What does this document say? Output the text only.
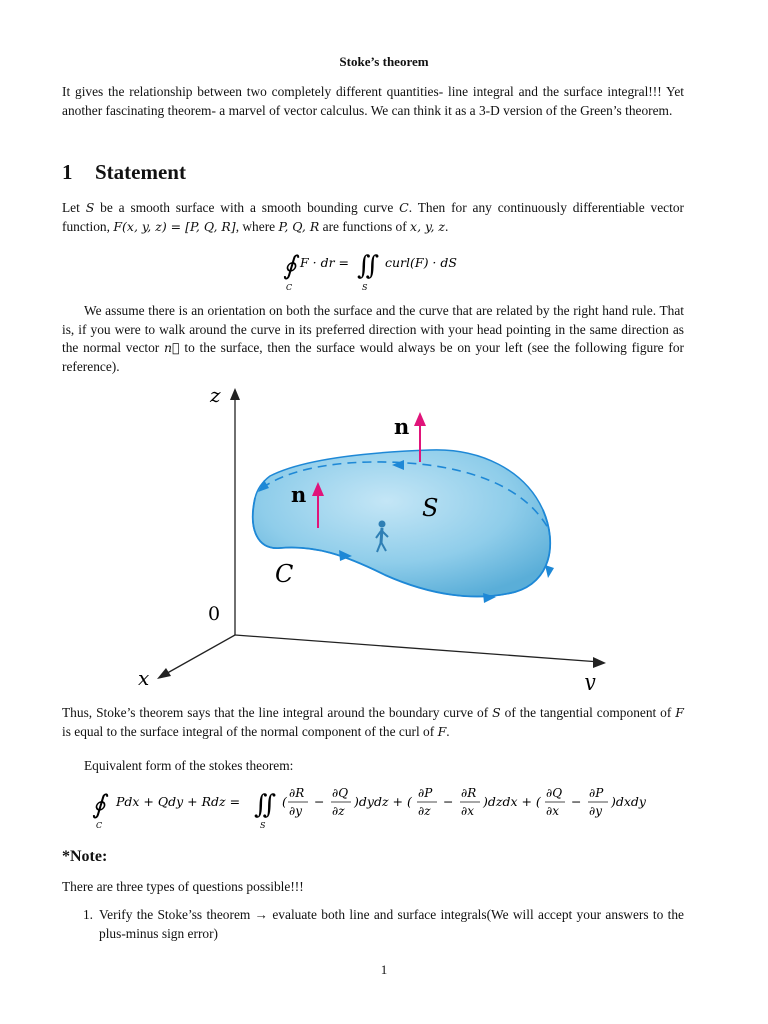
Stoke’s theorem
It gives the relationship between two completely different quantities- line integral and the surface integral!!! Yet another fascinating theorem- a marvel of vector calculus. We can think it as a 3-D version of the Green’s theorem.
1 Statement
Let S be a smooth surface with a smooth bounding curve C. Then for any continuously differentiable vector function, F(x, y, z) = [P, Q, R], where P, Q, R are functions of x, y, z.
∮
C
F · dr = ∬
S
curl(F) · dS
We assume there is an orientation on both the surface and the curve that are related by the right hand rule. That is, if you were to walk around the curve in its preferred direction with your head pointing in the same direction as the normal vector n⃗ to the surface, then the surface would always be on your left (see the following figure for reference).
z
y
x
0
n
n	S
C
Thus, Stoke’s theorem says that the line integral around the boundary curve of S of the tangential component of F is equal to the surface integral of the normal component of the curl of F.
Equivalent form of the stokes theorem:
∮
C
Pdx + Qdy + Rdz = ∬
S
(
∂R
∂y
−
∂Q
∂z
)dydz + (
∂P
∂z
−
∂R
∂x
)dzdx + (
∂Q
∂x
−
∂P
∂y
)dxdy
*Note:
There are three types of questions possible!!!
1. Verify the Stoke’ss theorem → evaluate both line and surface integrals(We will accept your answers to the plus-minus sign error)
1
